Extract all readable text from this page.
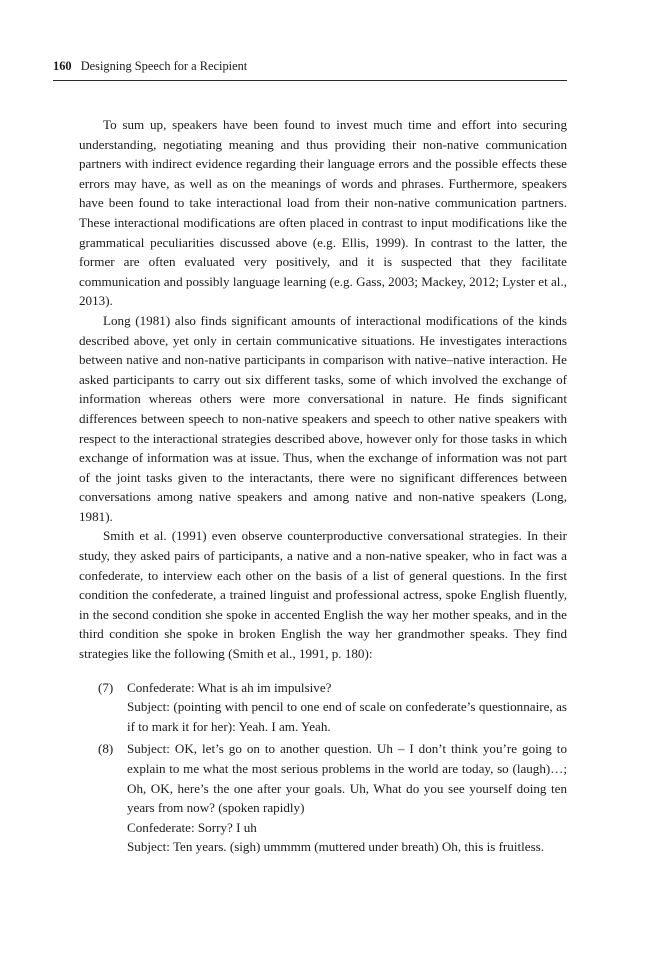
160 Designing Speech for a Recipient

To sum up, speakers have been found to invest much time and effort into securing understanding, negotiating meaning and thus providing their non-native communication partners with indirect evidence regarding their language errors and the possible effects these errors may have, as well as on the meanings of words and phrases. Furthermore, speakers have been found to take interactional load from their non-native communication partners. These interactional modifications are often placed in contrast to input modifications like the grammatical peculiarities discussed above (e.g. Ellis, 1999). In contrast to the latter, the former are often evaluated very positively, and it is suspected that they facilitate communication and possibly language learning (e.g. Gass, 2003; Mackey, 2012; Lyster et al., 2013).

Long (1981) also finds significant amounts of interactional modifications of the kinds described above, yet only in certain communicative situations. He investigates interactions between native and non-native participants in comparison with native–native interaction. He asked participants to carry out six different tasks, some of which involved the exchange of information whereas others were more conversational in nature. He finds significant differences between speech to non-native speakers and speech to other native speakers with respect to the interactional strategies described above, however only for those tasks in which exchange of information was at issue. Thus, when the exchange of information was not part of the joint tasks given to the interactants, there were no significant differences between conversations among native speakers and among native and non-native speakers (Long, 1981).

Smith et al. (1991) even observe counterproductive conversational strategies. In their study, they asked pairs of participants, a native and a non-native speaker, who in fact was a confederate, to interview each other on the basis of a list of general questions. In the first condition the confederate, a trained linguist and professional actress, spoke English fluently, in the second condition she spoke in accented English the way her mother speaks, and in the third condition she spoke in broken English the way her grandmother speaks. They find strategies like the following (Smith et al., 1991, p. 180):

(7)	Confederate: What is ah im impulsive?
Subject: (pointing with pencil to one end of scale on confederate’s questionnaire, as if to mark it for her): Yeah. I am. Yeah.
(8)	Subject: OK, let’s go on to another question. Uh – I don’t think you’re going to explain to me what the most serious problems in the world are today, so (laugh)…; Oh, OK, here’s the one after your goals. Uh, What do you see yourself doing ten years from now? (spoken rapidly)
Confederate: Sorry? I uh
Subject: Ten years. (sigh) ummmm (muttered under breath) Oh, this is fruitless.
